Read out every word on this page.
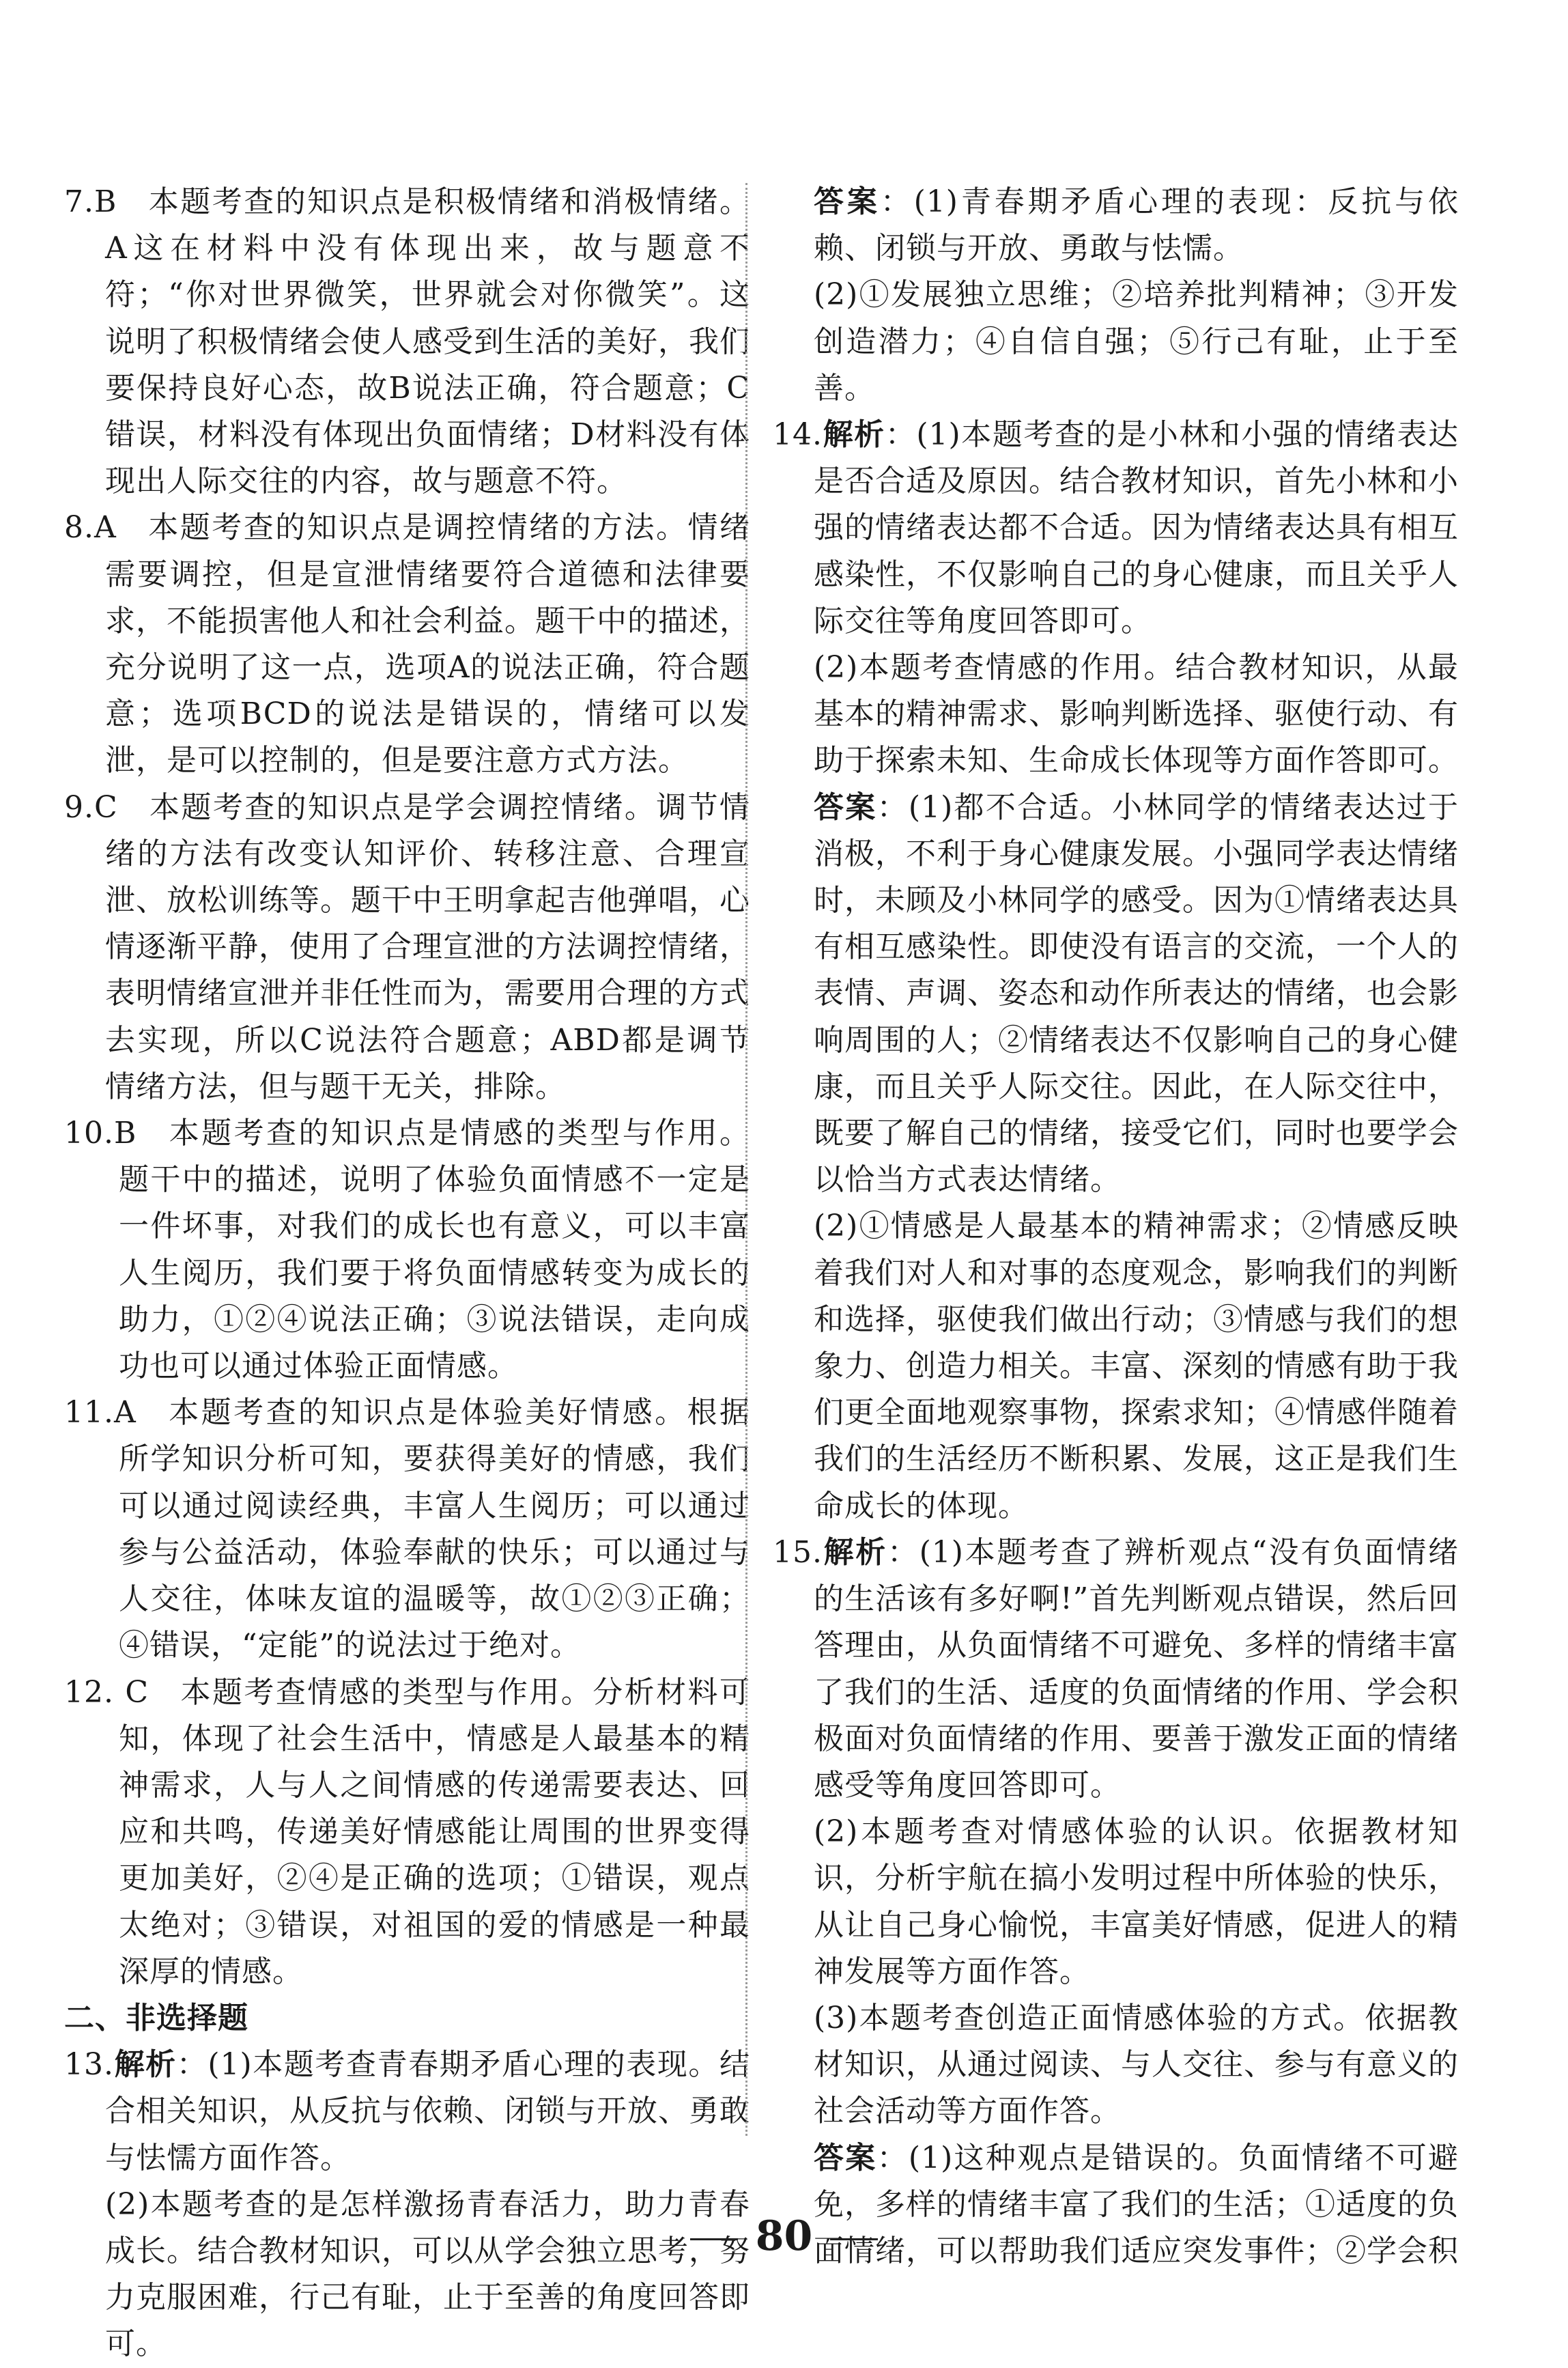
7.B  本题考查的知识点是积极情绪和消极情绪。A这在材料中没有体现出来，故与题意不符；“你对世界微笑，世界就会对你微笑”。这说明了积极情绪会使人感受到生活的美好，我们要保持良好心态，故B说法正确，符合题意；C错误，材料没有体现出负面情绪；D材料没有体现出人际交往的内容，故与题意不符。

8.A  本题考查的知识点是调控情绪的方法。情绪需要调控，但是宣泄情绪要符合道德和法律要求，不能损害他人和社会利益。题干中的描述，充分说明了这一点，选项A的说法正确，符合题意；选项BCD的说法是错误的，情绪可以发泄，是可以控制的，但是要注意方式方法。

9.C  本题考查的知识点是学会调控情绪。调节情绪的方法有改变认知评价、转移注意、合理宣泄、放松训练等。题干中王明拿起吉他弹唱，心情逐渐平静，使用了合理宣泄的方法调控情绪，表明情绪宣泄并非任性而为，需要用合理的方式去实现，所以C说法符合题意；ABD都是调节情绪方法，但与题干无关，排除。

10.B  本题考查的知识点是情感的类型与作用。题干中的描述，说明了体验负面情感不一定是一件坏事，对我们的成长也有意义，可以丰富人生阅历，我们要于将负面情感转变为成长的助力，①②④说法正确；③说法错误，走向成功也可以通过体验正面情感。

11.A  本题考查的知识点是体验美好情感。根据所学知识分析可知，要获得美好的情感，我们可以通过阅读经典，丰富人生阅历；可以通过参与公益活动，体验奉献的快乐；可以通过与人交往，体味友谊的温暖等，故①②③正确；④错误，“定能”的说法过于绝对。

12. C  本题考查情感的类型与作用。分析材料可知，体现了社会生活中，情感是人最基本的精神需求，人与人之间情感的传递需要表达、回应和共鸣，传递美好情感能让周围的世界变得更加美好，②④是正确的选项；①错误，观点太绝对；③错误，对祖国的爱的情感是一种最深厚的情感。

二、非选择题

13.解析：(1)本题考查青春期矛盾心理的表现。结合相关知识，从反抗与依赖、闭锁与开放、勇敢与怯懦方面作答。

(2)本题考查的是怎样激扬青春活力，助力青春成长。结合教材知识，可以从学会独立思考，努力克服困难，行己有耻，止于至善的角度回答即可。

答案：(1)青春期矛盾心理的表现：反抗与依赖、闭锁与开放、勇敢与怯懦。

(2)①发展独立思维；②培养批判精神；③开发创造潜力；④自信自强；⑤行己有耻，止于至善。

14.解析：(1)本题考查的是小林和小强的情绪表达是否合适及原因。结合教材知识，首先小林和小强的情绪表达都不合适。因为情绪表达具有相互感染性，不仅影响自己的身心健康，而且关乎人际交往等角度回答即可。

(2)本题考查情感的作用。结合教材知识，从最基本的精神需求、影响判断选择、驱使行动、有助于探索未知、生命成长体现等方面作答即可。

答案：(1)都不合适。小林同学的情绪表达过于消极，不利于身心健康发展。小强同学表达情绪时，未顾及小林同学的感受。因为①情绪表达具有相互感染性。即使没有语言的交流，一个人的表情、声调、姿态和动作所表达的情绪，也会影响周围的人；②情绪表达不仅影响自己的身心健康，而且关乎人际交往。因此，在人际交往中，既要了解自己的情绪，接受它们，同时也要学会以恰当方式表达情绪。

(2)①情感是人最基本的精神需求；②情感反映着我们对人和对事的态度观念，影响我们的判断和选择，驱使我们做出行动；③情感与我们的想象力、创造力相关。丰富、深刻的情感有助于我们更全面地观察事物，探索求知；④情感伴随着我们的生活经历不断积累、发展，这正是我们生命成长的体现。

15.解析：(1)本题考查了辨析观点“没有负面情绪的生活该有多好啊!”首先判断观点错误，然后回答理由，从负面情绪不可避免、多样的情绪丰富了我们的生活、适度的负面情绪的作用、学会积极面对负面情绪的作用、要善于激发正面的情绪感受等角度回答即可。

(2)本题考查对情感体验的认识。依据教材知识，分析宇航在搞小发明过程中所体验的快乐，从让自己身心愉悦，丰富美好情感，促进人的精神发展等方面作答。

(3)本题考查创造正面情感体验的方式。依据教材知识，从通过阅读、与人交往、参与有意义的社会活动等方面作答。

答案：(1)这种观点是错误的。负面情绪不可避免，多样的情绪丰富了我们的生活；①适度的负面情绪，可以帮助我们适应突发事件；②学会积

80
